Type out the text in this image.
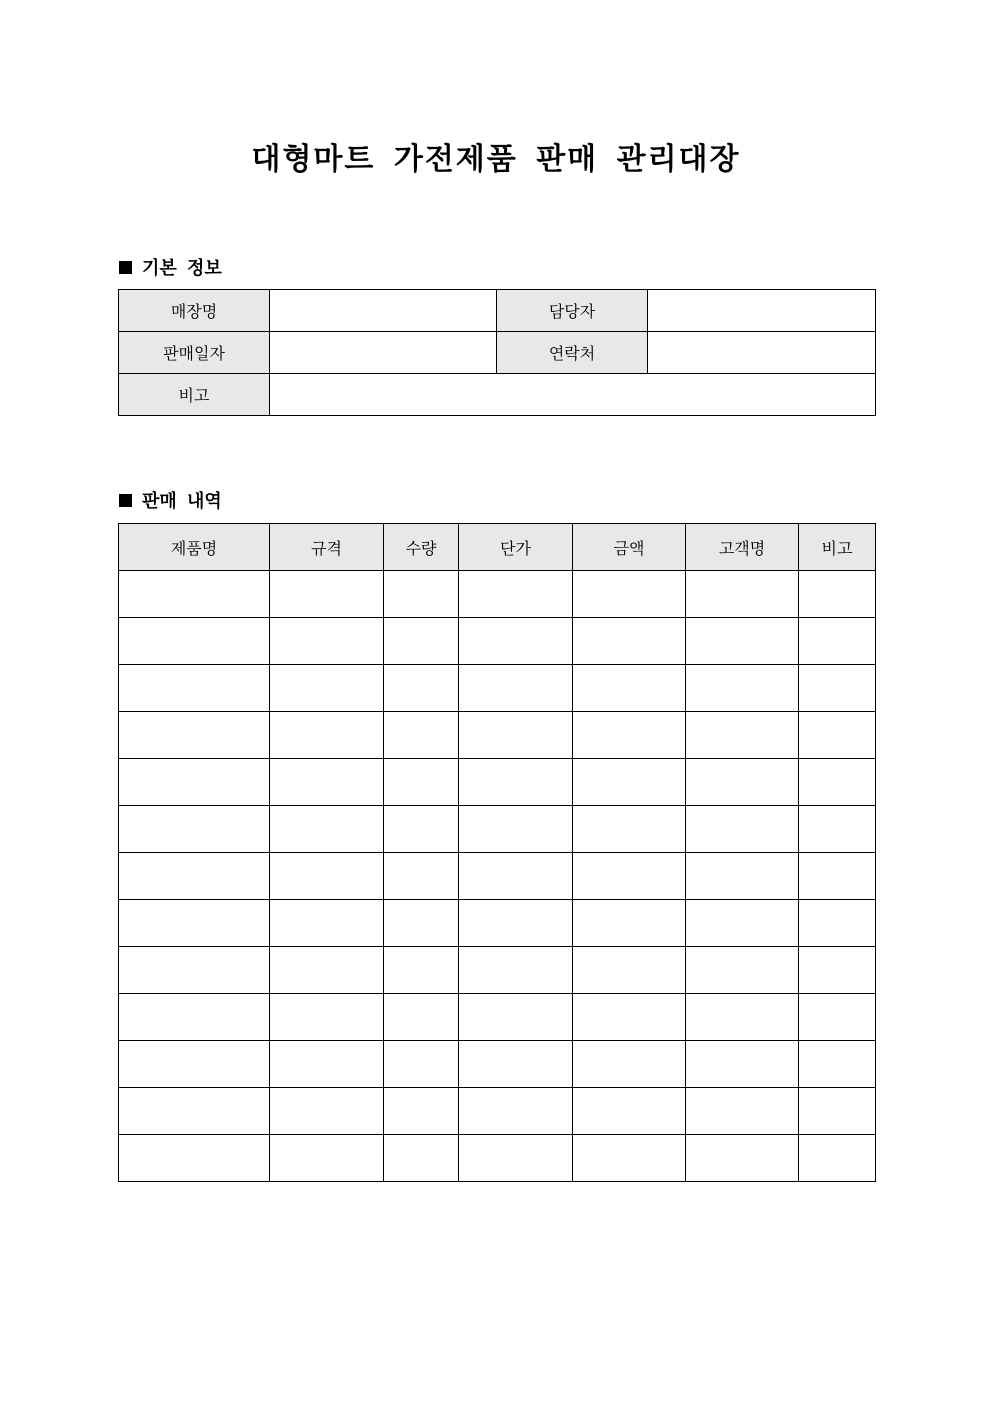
대형마트 가전제품 판매 관리대장
기본 정보
매장명		담당자	
판매일자		연락처	
비고			
판매 내역
제품명	규격	수량	단가	금액	고객명	비고
